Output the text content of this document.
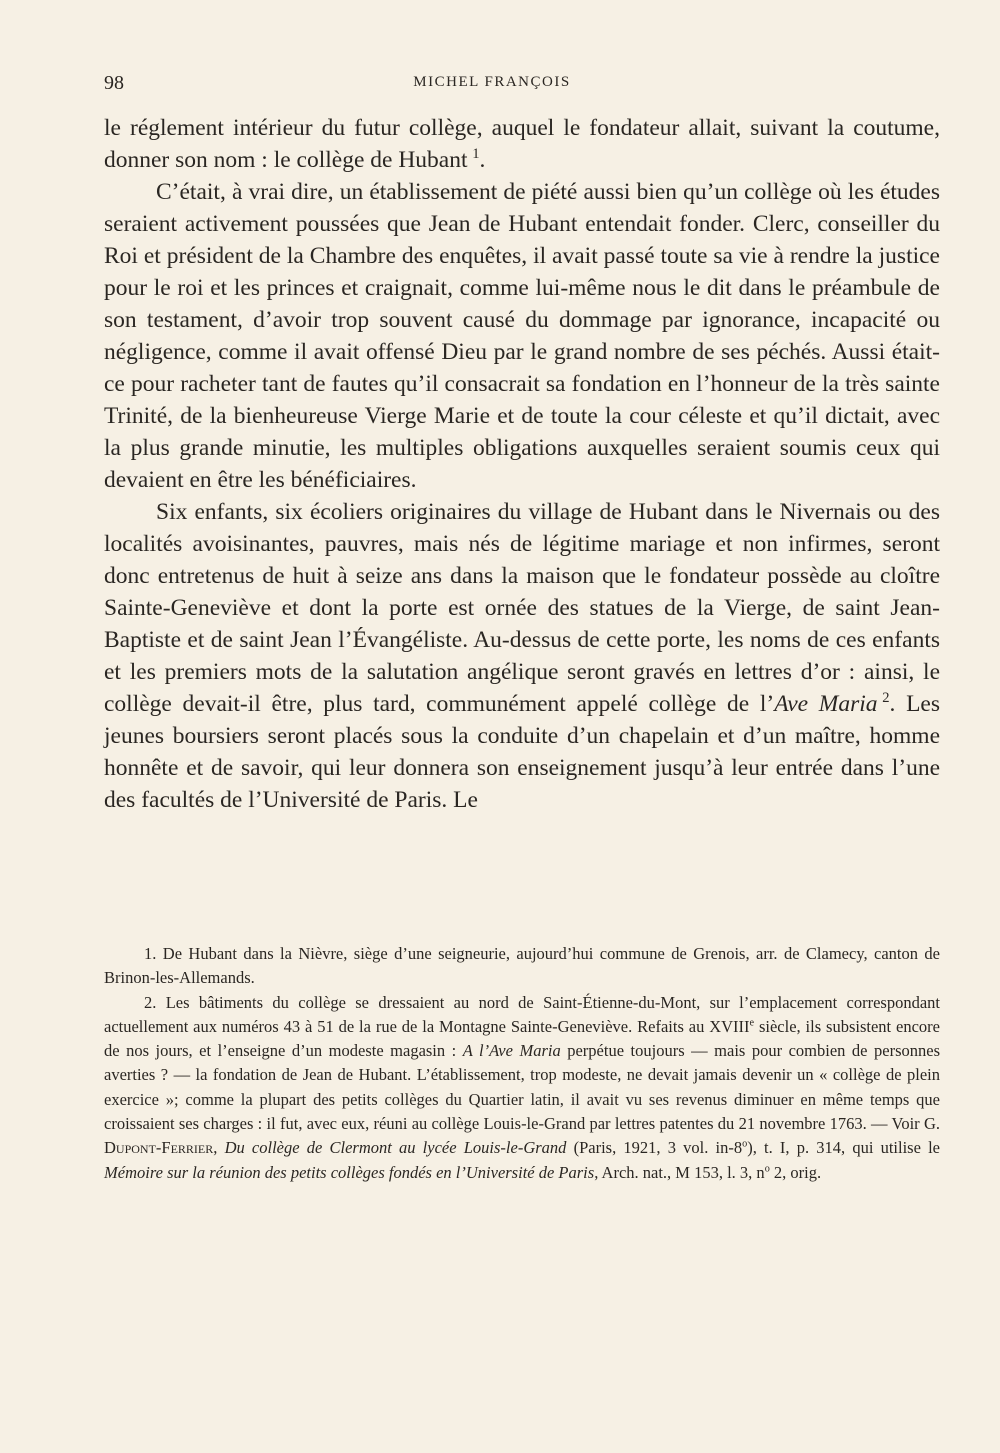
98	MICHEL FRANÇOIS

le réglement intérieur du futur collège, auquel le fondateur allait, suivant la coutume, donner son nom : le collège de Hubant  $^1$.

C’était, à vrai dire, un établissement de piété aussi bien qu’un collège où les études seraient activement poussées que Jean de Hubant entendait fonder. Clerc, conseiller du Roi et président de la Chambre des enquêtes, il avait passé toute sa vie à rendre la justice pour le roi et les princes et craignait, comme lui-même nous le dit dans le préambule de son testament, d’avoir trop souvent causé du dommage par ignorance, incapacité ou négligence, comme il avait offensé Dieu par le grand nombre de ses péchés. Aussi était-ce pour racheter tant de fautes qu’il consacrait sa fondation en l’honneur de la très sainte Trinité, de la bienheureuse Vierge Marie et de toute la cour céleste et qu’il dictait, avec la plus grande minutie, les multiples obligations auxquelles seraient soumis ceux qui devaient en être les bénéficiaires.

Six enfants, six écoliers originaires du village de Hubant dans le Nivernais ou des localités avoisinantes, pauvres, mais nés de légitime mariage et non infirmes, seront donc entretenus de huit à seize ans dans la maison que le fondateur possède au cloître Sainte-Geneviève et dont la porte est ornée des statues de la Vierge, de saint Jean-Baptiste et de saint Jean l’Évangéliste. Au-dessus de cette porte, les noms de ces enfants et les premiers mots de la salutation angélique seront gravés en lettres d’or : ainsi, le collège devait-il être, plus tard, communément appelé collège de l’Ave Maria  $^2$. Les jeunes boursiers seront placés sous la conduite d’un chapelain et d’un maître, homme honnête et de savoir, qui leur donnera son enseignement jusqu’à leur entrée dans l’une des facultés de l’Université de Paris. Le

1. De Hubant dans la Nièvre, siège d’une seigneurie, aujourd’hui commune de Grenois, arr. de Clamecy, canton de Brinon-les-Allemands.

2. Les bâtiments du collège se dressaient au nord de Saint-Étienne-du-Mont, sur l’emplacement correspondant actuellement aux numéros 43 à 51 de la rue de la Montagne Sainte-Geneviève. Refaits au XVIIIe siècle, ils subsistent encore de nos jours, et l’enseigne d’un modeste magasin : A l’Ave Maria perpétue toujours — mais pour combien de personnes averties ? — la fondation de Jean de Hubant. L’établissement, trop modeste, ne devait jamais devenir un « collège de plein exercice »; comme la plupart des petits collèges du Quartier latin, il avait vu ses revenus diminuer en même temps que croissaient ses charges : il fut, avec eux, réuni au collège Louis-le-Grand par lettres patentes du 21 novembre 1763. — Voir G. Dupont-Ferrier, Du collège de Clermont au lycée Louis-le-Grand (Paris, 1921, 3 vol. in-8$^o$), t. I, p. 314, qui utilise le Mémoire sur la réunion des petits collèges fondés en l’Université de Paris, Arch. nat., M 153, l. 3, $n^o$ 2, orig.
